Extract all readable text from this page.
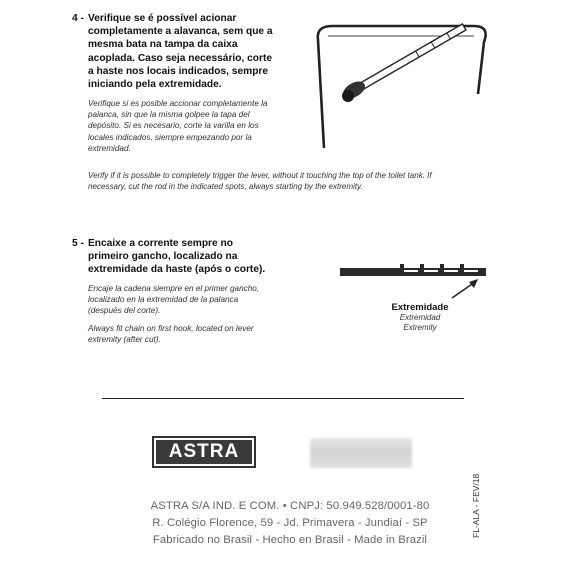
4 - Verifique se é possível acionar
completamente a alavanca, sem que a
mesma bata na tampa da caixa
acoplada. Caso seja necessário, corte
a haste nos locais indicados, sempre
iniciando pela extremidade.
Verifique si es posible accionar completamente la
palanca, sin que la misma golpee la tapa del
depósito. Si es necesario, corte la varilla en los
locales indicados, siempre empezando por la
extremidad.
Verify if it is possible to completely trigger the lever, without it touching the top of the toilet tank. If
necessary, cut the rod in the indicated spots, always starting by the extremity.
5 - Encaixe a corrente sempre no
primeiro gancho, localizado na
extremidade da haste (após o corte).
Encaje la cadena siempre en el primer gancho,
localizado en la extremidad de la palanca
(después del corte).
Always fit chain on first hook, located on lever
extremity (after cut).
Extremidade
Extremidad
Extremity
ASTRA
ASTRA S/A IND. E COM. • CNPJ: 50.949.528/0001-80
R. Colégio Florence, 59 - Jd. Primavera - Jundiaí - SP
Fabricado no Brasil - Hecho en Brasil - Made in Brazil
FL-ALA - FEV/18
